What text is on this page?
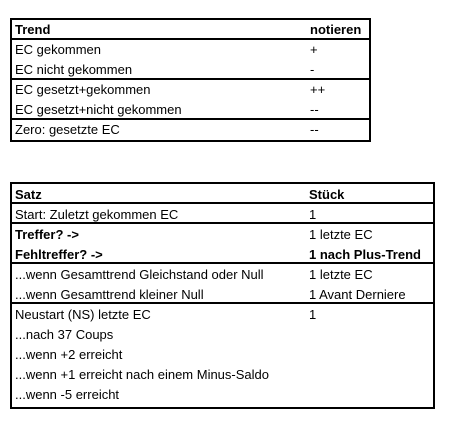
Trend	notieren
EC gekommen	+
EC nicht gekommen	-
EC gesetzt+gekommen	++
EC gesetzt+nicht gekommen	--
Zero: gesetzte EC	--
Satz	Stück
Start: Zuletzt gekommen EC	1
Treffer? ->	1 letzte EC
Fehltreffer? ->	1 nach Plus-Trend
...wenn Gesamttrend Gleichstand oder Null	1 letzte EC
...wenn Gesamttrend kleiner Null	1 Avant Derniere
Neustart (NS) letzte EC	1
...nach 37 Coups
...wenn +2 erreicht
...wenn +1 erreicht nach einem Minus-Saldo
...wenn -5 erreicht
